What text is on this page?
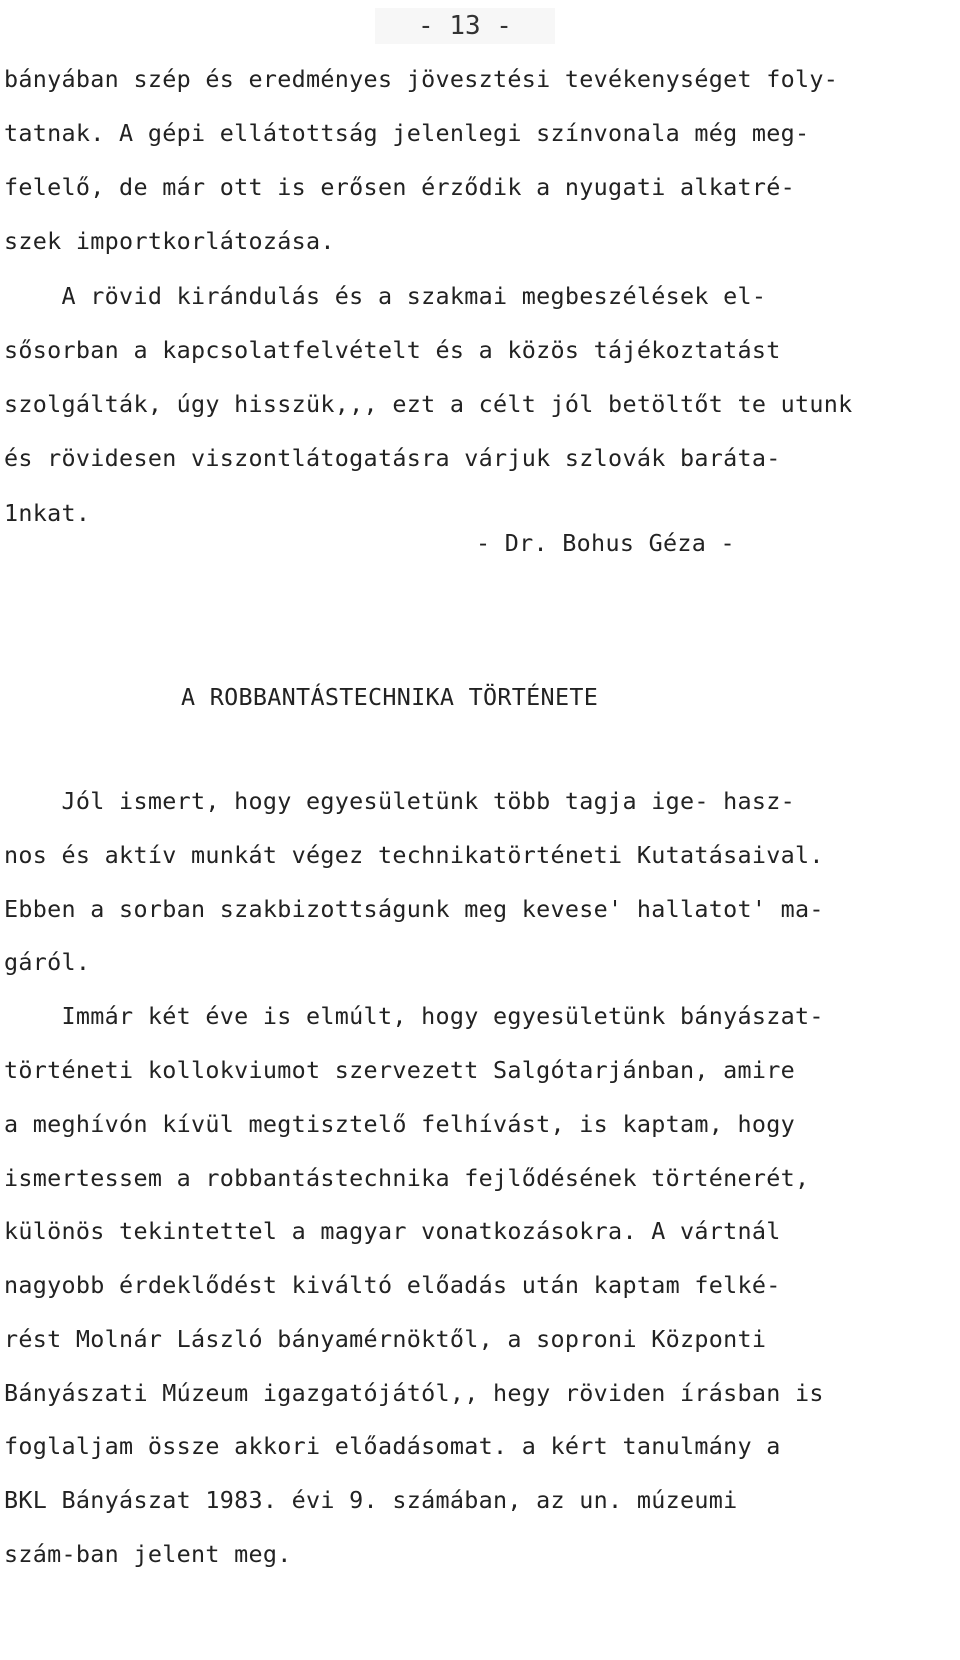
- 13 -
bányában szép és eredményes jövesztési tevékenységet foly-
tatnak. A gépi ellátottság jelenlegi színvonala még meg-
felelő, de már ott is erősen érződik a nyugati alkatré-
szek importkorlátozása.
A rövid kirándulás és a szakmai megbeszélések el-
sősorban a kapcsolatfelvételt és a közös tájékoztatást
szolgálták, úgy hisszük,,, ezt a célt jól betöltőt te utunk
és rövidesen viszontlátogatásra várjuk szlovák baráta-
1nkat.
- Dr. Bohus Géza -
A ROBBANTÁSTECHNIKA TÖRTÉNETE
Jól ismert, hogy egyesületünk több tagja ige- hasz-
nos és aktív munkát végez technikatörténeti Kutatásaival.
Ebben a sorban szakbizottságunk meg kevese' hallatot' ma-
gáról.
Immár két éve is elmúlt, hogy egyesületünk bányászat-
történeti kollokviumot szervezett Salgótarjánban, amire
a meghívón kívül megtisztelő felhívást, is kaptam, hogy
ismertessem a robbantástechnika fejlődésének történerét,
különös tekintettel a magyar vonatkozásokra. A vártnál
nagyobb érdeklődést kiváltó előadás után kaptam felké-
rést Molnár László bányamérnöktől, a soproni Központi
Bányászati Múzeum igazgatójától,, hegy röviden írásban is
foglaljam össze akkori előadásomat. a kért tanulmány a
BKL Bányászat 1983. évi 9. számában, az un. múzeumi
szám-ban jelent meg.
